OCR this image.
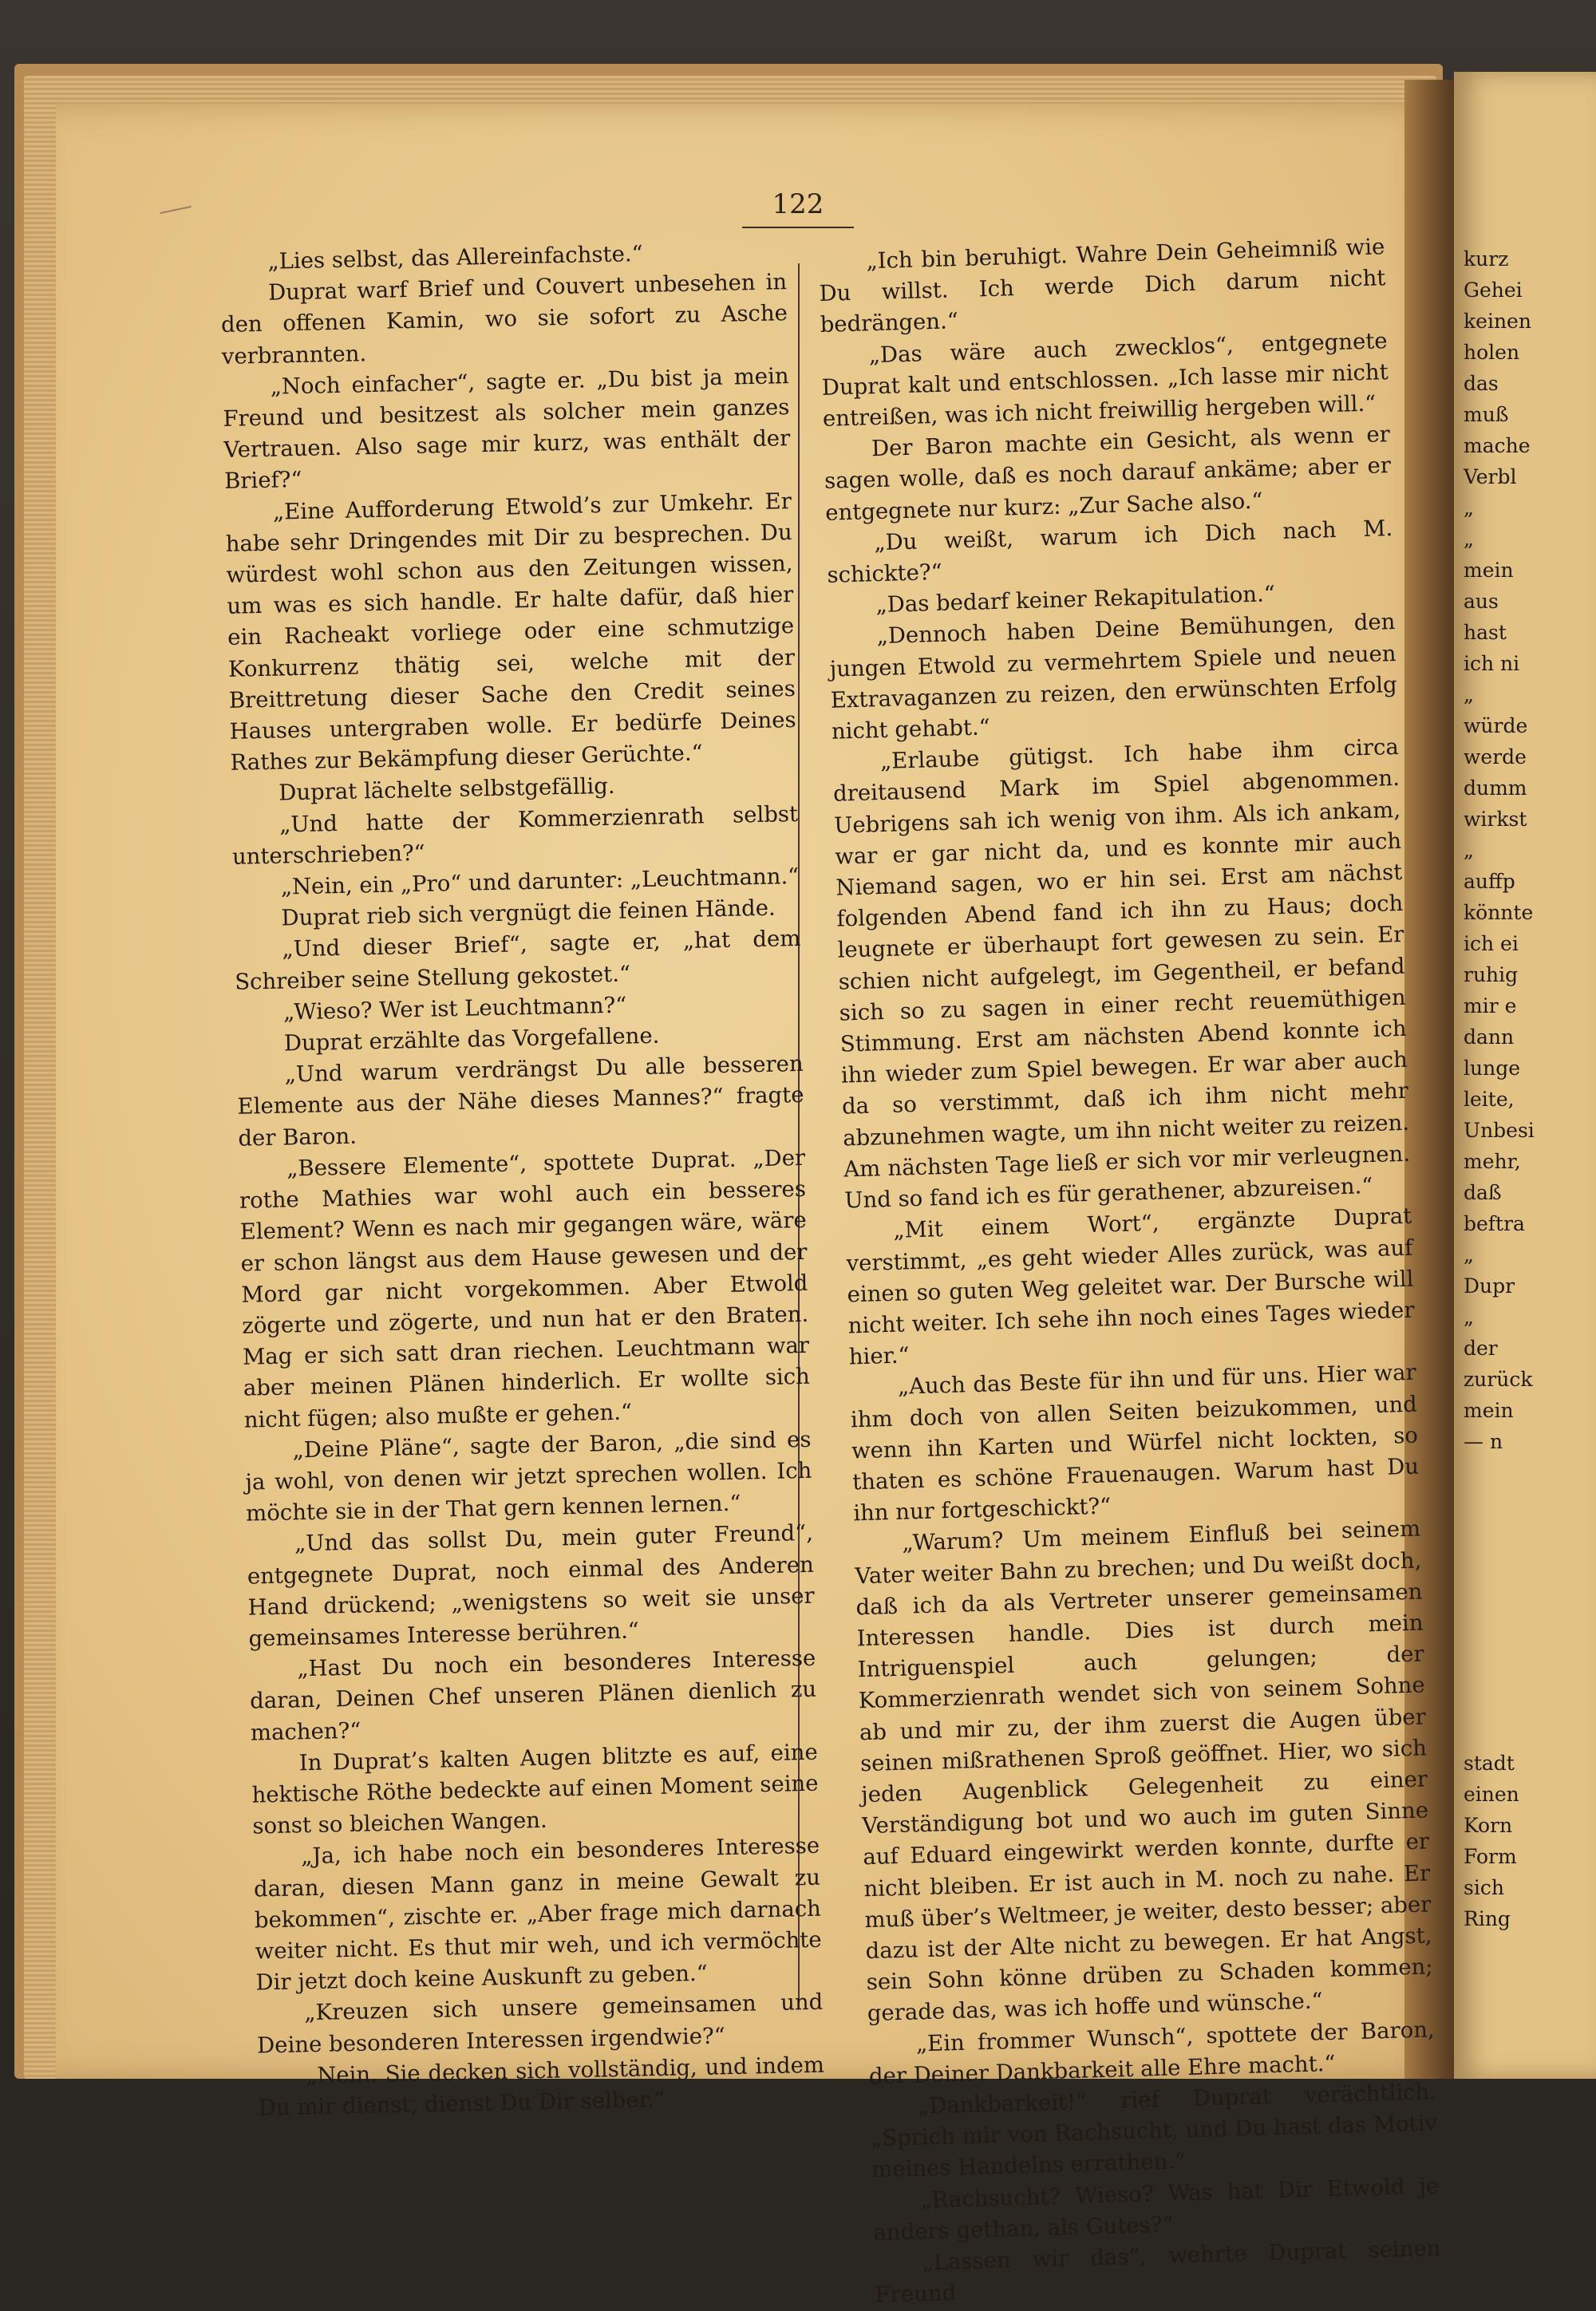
kurz
Gehei
keinen
holen
das
muß
mache
Verbl
„
„
mein
aus
hast
ich ni
„
würde
werde
dumm
wirkst
„
auffp
könnte
ich ei
ruhig
mir e
dann
lunge
leite,
Unbesi
mehr,
daß
beftra
„
Dupr
„
der
zurück
mein
— n
stadt
einen
Korn
Form
sich
Ring
122

„Lies selbst, das Allereinfachste.“

Duprat warf Brief und Couvert unbesehen in den offenen Kamin, wo sie sofort zu Asche verbrannten.

„Noch einfacher“, sagte er. „Du bist ja mein Freund und besitzest als solcher mein ganzes Vertrauen. Also sage mir kurz, was enthält der Brief?“

„Eine Aufforderung Etwold’s zur Umkehr. Er habe sehr Dringendes mit Dir zu besprechen. Du würdest wohl schon aus den Zeitungen wissen, um was es sich handle. Er halte dafür, daß hier ein Racheakt vorliege oder eine schmutzige Konkurrenz thätig sei, welche mit der Breittretung dieser Sache den Credit seines Hauses untergraben wolle. Er bedürfe Deines Rathes zur Bekämpfung dieser Gerüchte.“

Duprat lächelte selbstgefällig.

„Und hatte der Kommerzienrath selbst unterschrieben?“

„Nein, ein „Pro“ und darunter: „Leuchtmann.“

Duprat rieb sich vergnügt die feinen Hände.

„Und dieser Brief“, sagte er, „hat dem Schreiber seine Stellung gekostet.“

„Wieso? Wer ist Leuchtmann?“

Duprat erzählte das Vorgefallene.

„Und warum verdrängst Du alle besseren Elemente aus der Nähe dieses Mannes?“ fragte der Baron.

„Bessere Elemente“, spottete Duprat. „Der rothe Mathies war wohl auch ein besseres Element? Wenn es nach mir gegangen wäre, wäre er schon längst aus dem Hause gewesen und der Mord gar nicht vorgekommen. Aber Etwold zögerte und zögerte, und nun hat er den Braten. Mag er sich satt dran riechen. Leuchtmann war aber meinen Plänen hinderlich. Er wollte sich nicht fügen; also mußte er gehen.“

„Deine Pläne“, sagte der Baron, „die sind es ja wohl, von denen wir jetzt sprechen wollen. Ich möchte sie in der That gern kennen lernen.“

„Und das sollst Du, mein guter Freund“, entgegnete Duprat, noch einmal des Anderen Hand drückend; „wenigstens so weit sie unser gemeinsames Interesse berühren.“

„Hast Du noch ein besonderes Interesse daran, Deinen Chef unseren Plänen dienlich zu machen?“

In Duprat’s kalten Augen blitzte es auf, eine hektische Röthe bedeckte auf einen Moment seine sonst so bleichen Wangen.

„Ja, ich habe noch ein besonderes Interesse daran, diesen Mann ganz in meine Gewalt zu bekommen“, zischte er. „Aber frage mich darnach weiter nicht. Es thut mir weh, und ich vermöchte Dir jetzt doch keine Auskunft zu geben.“

„Kreuzen sich unsere gemeinsamen und Deine besonderen Interessen irgendwie?“

„Nein. Sie decken sich vollständig, und indem Du mir dienst, dienst Du Dir selber.“

„Ich bin beruhigt. Wahre Dein Geheimniß wie Du willst. Ich werde Dich darum nicht bedrängen.“

„Das wäre auch zwecklos“, entgegnete Duprat kalt und entschlossen. „Ich lasse mir nicht entreißen, was ich nicht freiwillig hergeben will.“

Der Baron machte ein Gesicht, als wenn er sagen wolle, daß es noch darauf ankäme; aber er entgegnete nur kurz: „Zur Sache also.“

„Du weißt, warum ich Dich nach M. schickte?“

„Das bedarf keiner Rekapitulation.“

„Dennoch haben Deine Bemühungen, den jungen Etwold zu vermehrtem Spiele und neuen Extravaganzen zu reizen, den erwünschten Erfolg nicht gehabt.“

„Erlaube gütigst. Ich habe ihm circa dreitausend Mark im Spiel abgenommen. Uebrigens sah ich wenig von ihm. Als ich ankam, war er gar nicht da, und es konnte mir auch Niemand sagen, wo er hin sei. Erst am nächst folgenden Abend fand ich ihn zu Haus; doch leugnete er überhaupt fort gewesen zu sein. Er schien nicht aufgelegt, im Gegentheil, er befand sich so zu sagen in einer recht reuemüthigen Stimmung. Erst am nächsten Abend konnte ich ihn wieder zum Spiel bewegen. Er war aber auch da so verstimmt, daß ich ihm nicht mehr abzunehmen wagte, um ihn nicht weiter zu reizen. Am nächsten Tage ließ er sich vor mir verleugnen. Und so fand ich es für gerathener, abzureisen.“

„Mit einem Wort“, ergänzte Duprat verstimmt, „es geht wieder Alles zurück, was auf einen so guten Weg geleitet war. Der Bursche will nicht weiter. Ich sehe ihn noch eines Tages wieder hier.“

„Auch das Beste für ihn und für uns. Hier war ihm doch von allen Seiten beizukommen, und wenn ihn Karten und Würfel nicht lockten, so thaten es schöne Frauenaugen. Warum hast Du ihn nur fortgeschickt?“

„Warum? Um meinem Einfluß bei seinem Vater weiter Bahn zu brechen; und Du weißt doch, daß ich da als Vertreter unserer gemeinsamen Interessen handle. Dies ist durch mein Intriguenspiel auch gelungen; der Kommerzienrath wendet sich von seinem Sohne ab und mir zu, der ihm zuerst die Augen über seinen mißrathenen Sproß geöffnet. Hier, wo sich jeden Augenblick Gelegenheit zu einer Verständigung bot und wo auch im guten Sinne auf Eduard eingewirkt werden konnte, durfte er nicht bleiben. Er ist auch in M. noch zu nahe. Er muß über’s Weltmeer, je weiter, desto besser; aber dazu ist der Alte nicht zu bewegen. Er hat Angst, sein Sohn könne drüben zu Schaden kommen; gerade das, was ich hoffe und wünsche.“

„Ein frommer Wunsch“, spottete der Baron, der Deiner Dankbarkeit alle Ehre macht.“

„Dankbarkeit!“ rief Duprat verächtlich. „Sprich mir von Rachsucht, und Du hast das Motiv meines Handelns errathen.“

„Rachsucht? Wieso? Was hat Dir Etwold je anders gethan, als Gutes?“

„Lassen wir das“, wehrte Duprat seinen Freund
